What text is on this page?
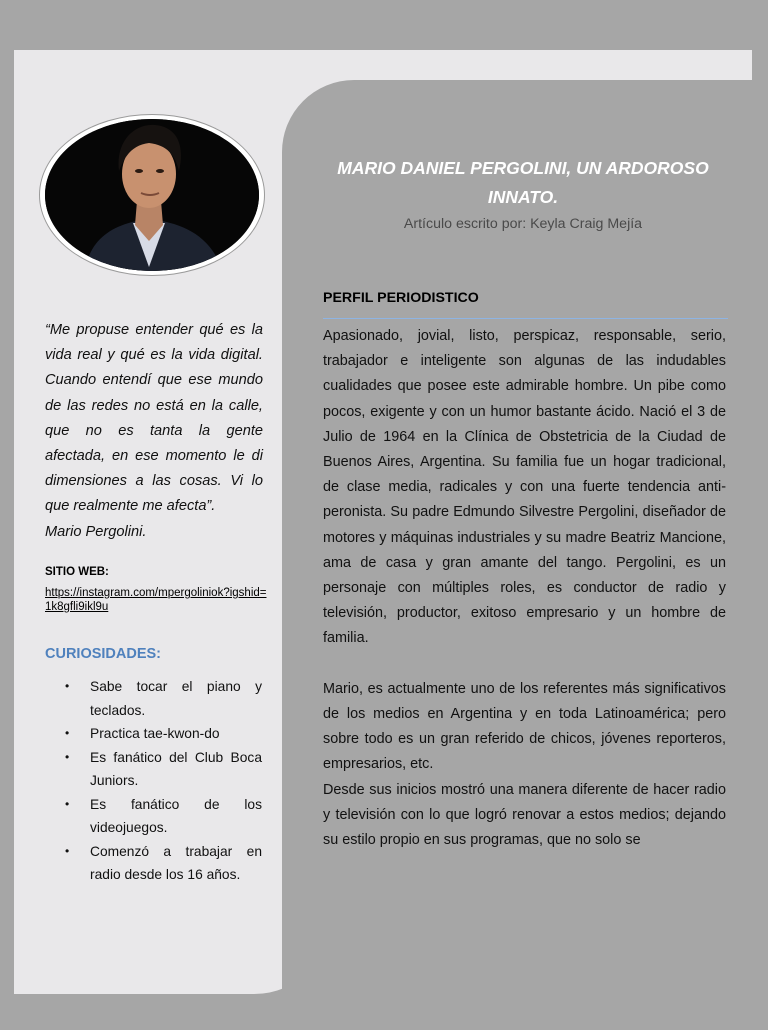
“Me propuse entender qué es la vida real y qué es la vida digital. Cuando entendí que ese mundo de las redes no está en la calle, que no es tanta la gente afectada, en ese momento le di dimensiones a las cosas. Vi lo que realmente me afecta”.
Mario Pergolini.
SITIO WEB:
https://instagram.com/mpergoliniok?igshid=1k8gfli9ikl9u
CURIOSIDADES:
• Sabe tocar el piano y teclados.
• Practica tae-kwon-do
• Es fanático del Club Boca Juniors.
• Es fanático de los videojuegos.
• Comenzó a trabajar en radio desde los 16 años.
MARIO DANIEL PERGOLINI, UN ARDOROSO INNATO.
Artículo escrito por: Keyla Craig Mejía
PERFIL PERIODISTICO

Apasionado, jovial, listo, perspicaz, responsable, serio, trabajador e inteligente son algunas de las indudables cualidades que posee este admirable hombre. Un pibe como pocos, exigente y con un humor bastante ácido. Nació el 3 de Julio de 1964 en la Clínica de Obstetricia de la Ciudad de Buenos Aires, Argentina. Su familia fue un hogar tradicional, de clase media, radicales y con una fuerte tendencia anti-peronista. Su padre Edmundo Silvestre Pergolini, diseñador de motores y máquinas industriales y su madre Beatriz Mancione, ama de casa y gran amante del tango. Pergolini, es un personaje con múltiples roles, es conductor de radio y televisión, productor, exitoso empresario y un hombre de familia.

Mario, es actualmente uno de los referentes más significativos de los medios en Argentina y en toda Latinoamérica; pero sobre todo es un gran referido de chicos, jóvenes reporteros, empresarios, etc.

Desde sus inicios mostró una manera diferente de hacer radio y televisión con lo que logró renovar a estos medios; dejando su estilo propio en sus programas, que no solo se
